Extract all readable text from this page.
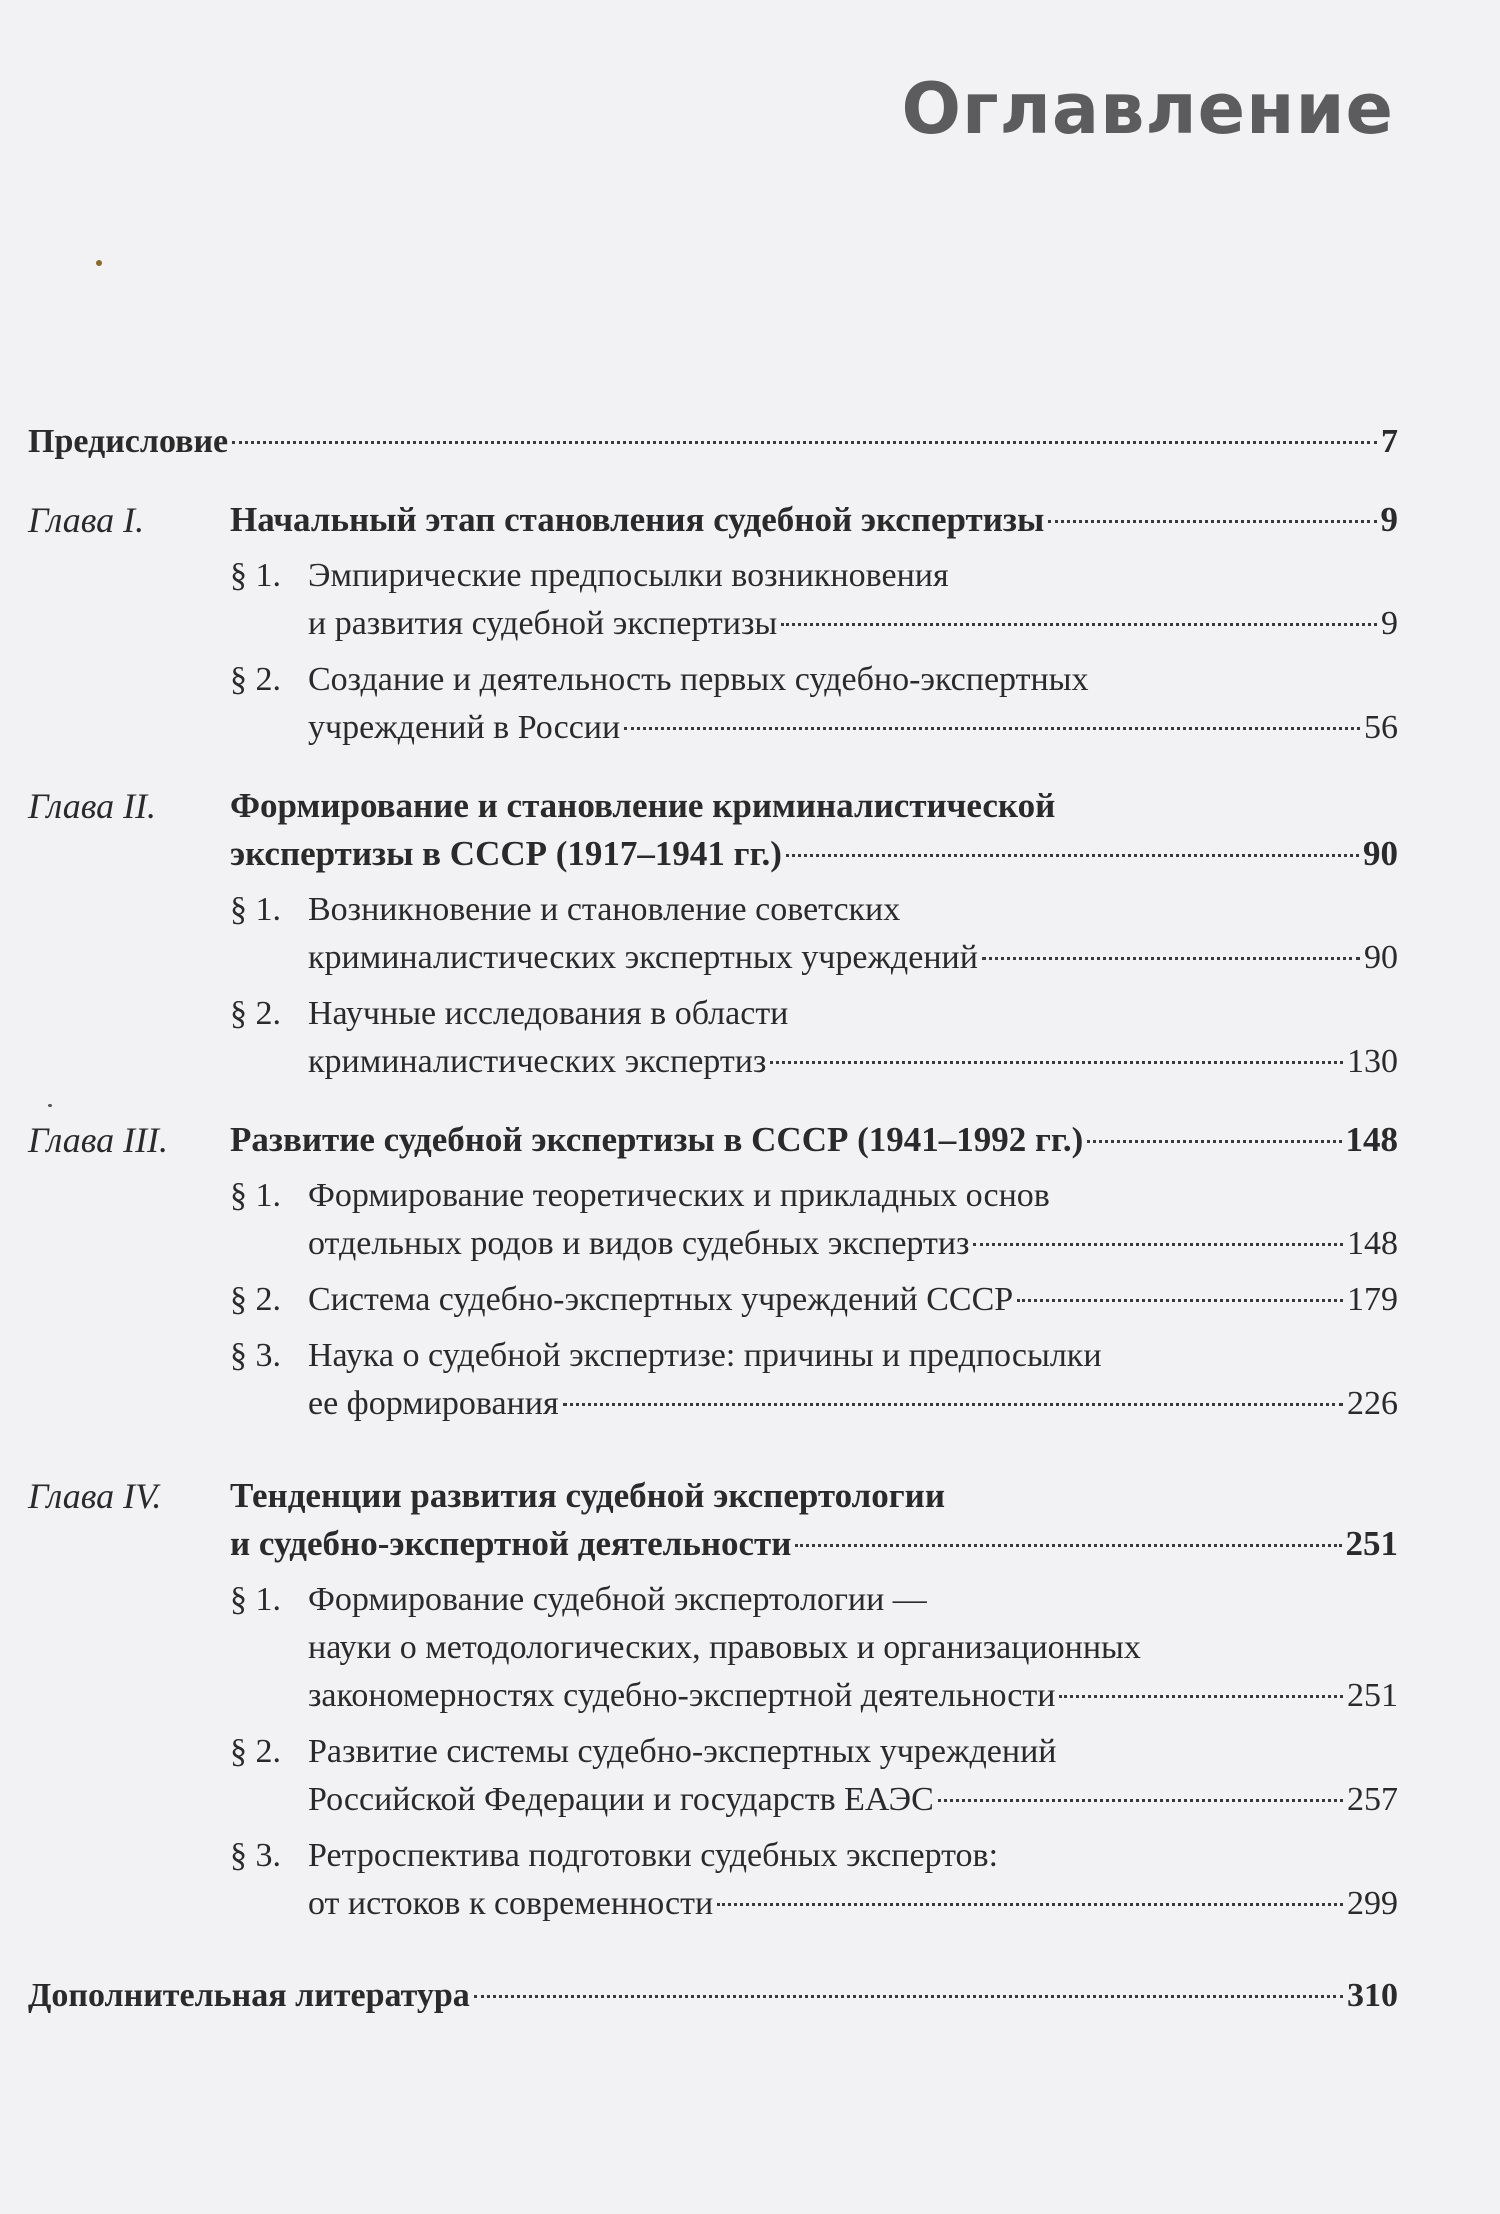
Оглавление
Предисловие	7
Глава I.	Начальный этап становления судебной экспертизы	9
§ 1. Эмпирические предпосылки возникновения
и развития судебной экспертизы	9
§ 2. Создание и деятельность первых судебно-экспертных
учреждений в России	56
Глава II.	Формирование и становление криминалистической
экспертизы в СССР (1917–1941 гг.)	90
§ 1. Возникновение и становление советских
криминалистических экспертных учреждений	90
§ 2. Научные исследования в области
криминалистических экспертиз	130
Глава III.	Развитие судебной экспертизы в СССР (1941–1992 гг.)	148
§ 1. Формирование теоретических и прикладных основ
отдельных родов и видов судебных экспертиз	148
§ 2. Система судебно-экспертных учреждений СССР	179
§ 3. Наука о судебной экспертизе: причины и предпосылки
ее формирования	226
Глава IV.	Тенденции развития судебной экспертологии
и судебно-экспертной деятельности	251
§ 1. Формирование судебной экспертологии —
науки о методологических, правовых и организационных
закономерностях судебно-экспертной деятельности	251
§ 2. Развитие системы судебно-экспертных учреждений
Российской Федерации и государств ЕАЭС	257
§ 3. Ретроспектива подготовки судебных экспертов:
от истоков к современности	299
Дополнительная литература	310
